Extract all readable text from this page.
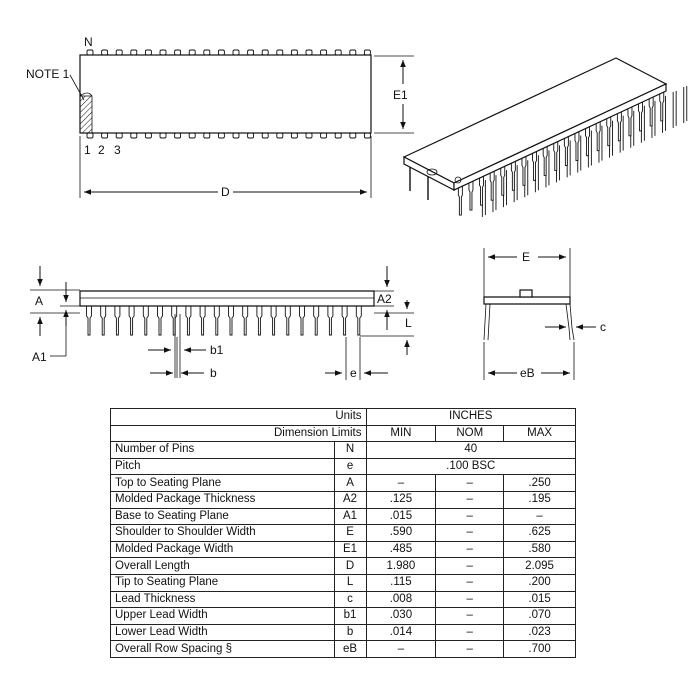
N
NOTE 1
1 2 3
E1
D
A
A1
A2
L
b1
b	e
E
c
eB
Units		INCHES		
Dimension Limits		MIN	NOM	MAX
Number of Pins	N	40		
Pitch	e	.100 BSC		
Top to Seating Plane	A	–	–	.250
Molded Package Thickness	A2	.125	–	.195
Base to Seating Plane	A1	.015	–	–
Shoulder to Shoulder Width	E	.590	–	.625
Molded Package Width	E1	.485	–	.580
Overall Length	D	1.980	–	2.095
Tip to Seating Plane	L	.115	–	.200
Lead Thickness	c	.008	–	.015
Upper Lead Width	b1	.030	–	.070
Lower Lead Width	b	.014	–	.023
Overall Row Spacing §	eB	–	–	.700
